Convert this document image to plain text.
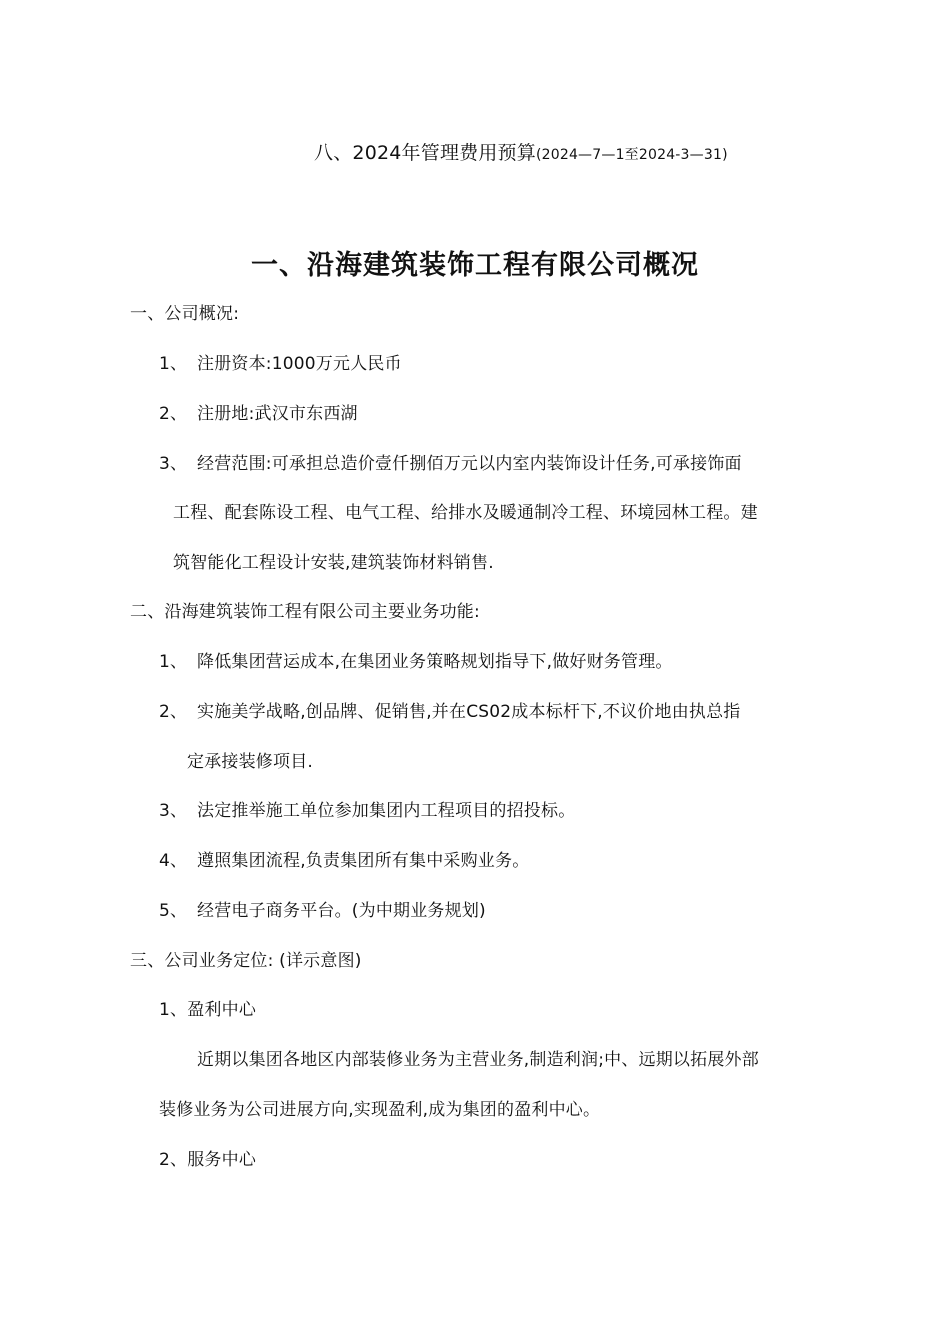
八、2024年管理费用预算(2024—7—1至2024-3—31)
一、沿海建筑装饰工程有限公司概况
一、公司概况:
1、 注册资本:1000万元人民币
2、 注册地:武汉市东西湖
3、 经营范围:可承担总造价壹仟捌佰万元以内室内装饰设计任务,可承接饰面
工程、配套陈设工程、电气工程、给排水及暖通制冷工程、环境园林工程。建
筑智能化工程设计安装,建筑装饰材料销售.
二、沿海建筑装饰工程有限公司主要业务功能:
1、 降低集团营运成本,在集团业务策略规划指导下,做好财务管理。
2、 实施美学战略,创品牌、促销售,并在CS02成本标杆下,不议价地由执总指
定承接装修项目.
3、 法定推举施工单位参加集团内工程项目的招投标。
4、 遵照集团流程,负责集团所有集中采购业务。
5、 经营电子商务平台。(为中期业务规划)
三、公司业务定位: (详示意图)
1、盈利中心
近期以集团各地区内部装修业务为主营业务,制造利润;中、远期以拓展外部
装修业务为公司进展方向,实现盈利,成为集团的盈利中心。
2、服务中心
